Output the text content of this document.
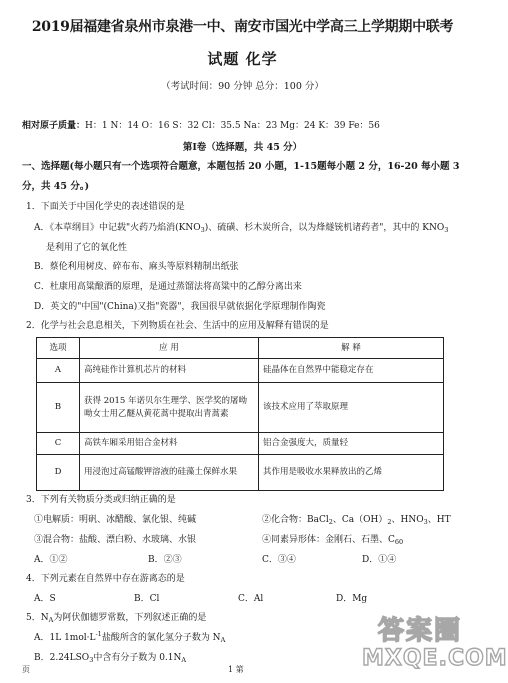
2019届福建省泉州市泉港一中、南安市国光中学高三上学期期中联考
试题 化学
（考试时间：90 分钟 总分：100 分）
相对原子质量：H：1 N：14 O：16 S：32 Cl：35.5 Na：23 Mg：24 K：39 Fe：56
第Ⅰ卷（选择题，共 45 分）
一、选择题(每小题只有一个选项符合题意，本题包括 20 小题，1-15题每小题 2 分，16-20 每小题 3 分，共 45 分。)
1．下面关于中国化学史的表述错误的是
A．《本草纲目》中记载"火药乃焰消$(KNO_3)$、硫磺、杉木炭所合，以为烽燧铳机诸药者"，其中的 $KNO_3$
是利用了它的氧化性
B．蔡伦利用树皮、碎布布、麻头等原料精制出纸张
C．杜康用高粱酿酒的原理，是通过蒸馏法将高粱中的乙醇分离出来
D．英文的"中国"(China)又指"瓷器"，我国很早就依据化学原理制作陶瓷
2．化学与社会息息相关，下列物质在社会、生活中的应用及解释有错误的是
选项	应 用	解 释
A	高纯硅作计算机芯片的材料	硅晶体在自然界中能稳定存在
B	获得 2015 年诺贝尔生理学、医学奖的屠呦呦女士用乙醚从黄花蒿中提取出青蒿素	该技术应用了萃取原理
C	高铁车厢采用铝合金材料	铝合金强度大，质量轻
D	用浸泡过高锰酸钾溶液的硅藻土保鲜水果	其作用是吸收水果释放出的乙烯
3．下列有关物质分类或归纳正确的是
①电解质：明矾、冰醋酸、氯化银、纯碱	②化合物：BaCl$_2$、$Ca(OH)_2$、$HNO_3$、HT
③混合物：盐酸、漂白粉、水玻璃、水银	④同素异形体：金刚石、石墨、$C_{60}$
A．①②	B．②③	C．③④	D．①④
4．下列元素在自然界中存在游离态的是
A．S	B．Cl	C．Al	D．Mg
5．$N_A$为阿伏伽德罗常数，下列叙述正确的是
A．1L $1mol\cdot L^{-1}$盐酸所含的氯化氢分子数为 $N_A$
B．$2.24LSO_3$中含有分子数为 $0.1N_A$
页	1 第
答案圈
MXQE.COM
